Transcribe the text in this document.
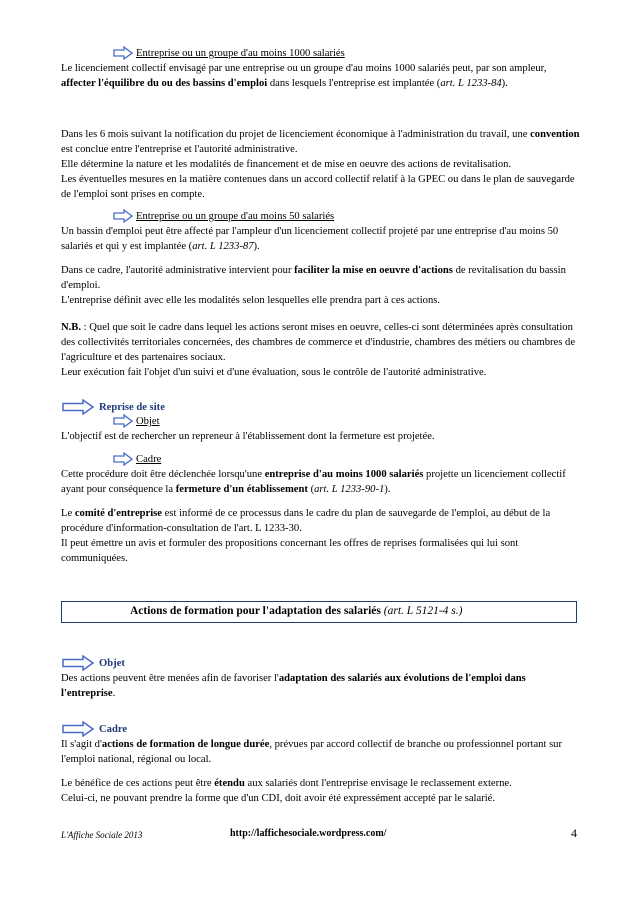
Entreprise ou un groupe d'au moins 1000 salariés

Le licenciement collectif envisagé par une entreprise ou un groupe d'au moins 1000 salariés peut, par son ampleur, affecter l'équilibre du ou des bassins d'emploi dans lesquels l'entreprise est implantée (art. L 1233-84).

Dans les 6 mois suivant la notification du projet de licenciement économique à l'administration du travail, une convention est conclue entre l'entreprise et l'autorité administrative.

Elle détermine la nature et les modalités de financement et de mise en oeuvre des actions de revitalisation.

Les éventuelles mesures en la matière contenues dans un accord collectif relatif à la GPEC ou dans le plan de sauvegarde de l'emploi sont prises en compte.

Entreprise ou un groupe d'au moins 50 salariés

Un bassin d'emploi peut être affecté par l'ampleur d'un licenciement collectif projeté par une entreprise d'au moins 50 salariés et qui y est implantée (art. L 1233-87).

Dans ce cadre, l'autorité administrative intervient pour faciliter la mise en oeuvre d'actions de revitalisation du bassin d'emploi.

L'entreprise définit avec elle les modalités selon lesquelles elle prendra part à ces actions.

N.B. : Quel que soit le cadre dans lequel les actions seront mises en oeuvre, celles-ci sont déterminées après consultation des collectivités territoriales concernées, des chambres de commerce et d'industrie, chambres des métiers ou chambres de l'agriculture et des partenaires sociaux.

Leur exécution fait l'objet d'un suivi et d'une évaluation, sous le contrôle de l'autorité administrative.

Reprise de site
Objet

L'objectif est de rechercher un repreneur à l'établissement dont la fermeture est projetée.

Cadre

Cette procédure doit être déclenchée lorsqu'une entreprise d'au moins 1000 salariés projette un licenciement collectif ayant pour conséquence la fermeture d'un établissement (art. L 1233-90-1).

Le comité d'entreprise est informé de ce processus dans le cadre du plan de sauvegarde de l'emploi, au début de la procédure d'information-consultation de l'art. L 1233-30.

Il peut émettre un avis et formuler des propositions concernant les offres de reprises formalisées qui lui sont communiquées.

Actions de formation pour l'adaptation des salariés (art. L 5121-4 s.)
Objet

Des actions peuvent être menées afin de favoriser l'adaptation des salariés aux évolutions de l'emploi dans l'entreprise.

Cadre

Il s'agit d'actions de formation de longue durée, prévues par accord collectif de branche ou professionnel portant sur l'emploi national, régional ou local.

Le bénéfice de ces actions peut être étendu aux salariés dont l'entreprise envisage le reclassement externe.

Celui-ci, ne pouvant prendre la forme que d'un CDI, doit avoir été expressément accepté par le salarié.

L'Affiche Sociale 2013	http://laffichesociale.wordpress.com/	4
